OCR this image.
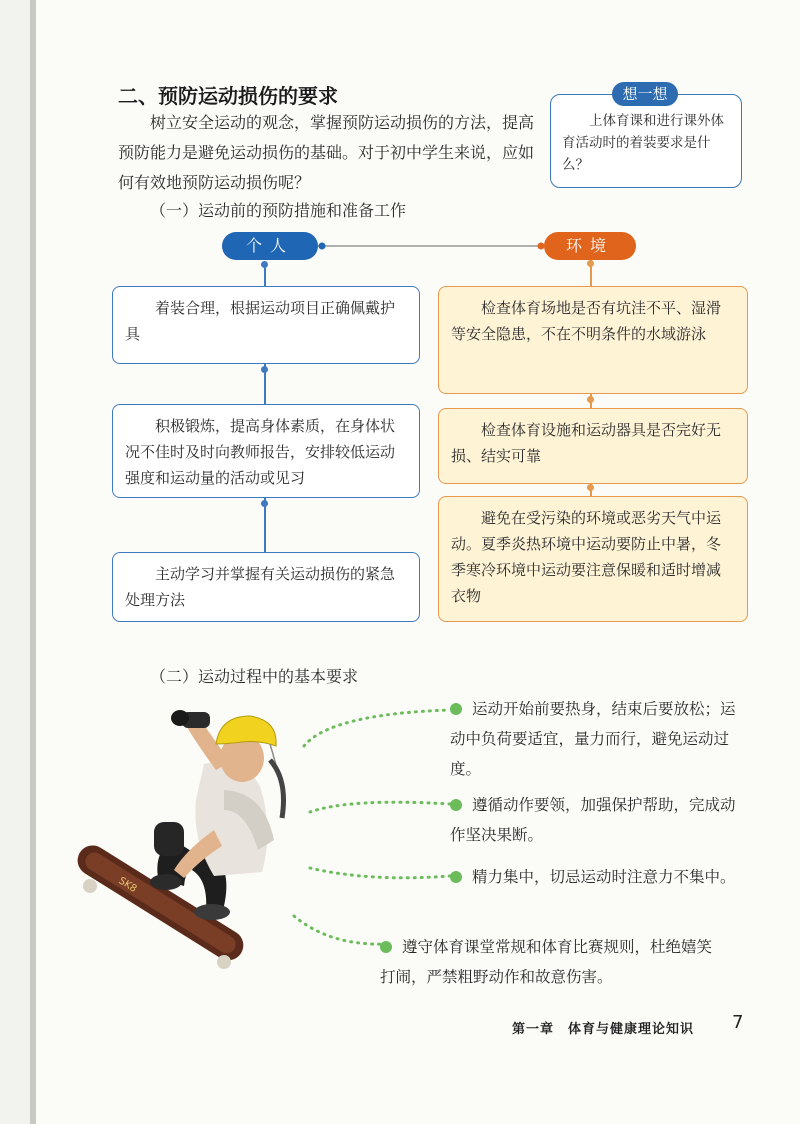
二、预防运动损伤的要求
树立安全运动的观念，掌握预防运动损伤的方法，提高预防能力是避免运动损伤的基础。对于初中学生来说，应如何有效地预防运动损伤呢？
想一想
上体育课和进行课外体育活动时的着装要求是什么？
（一）运动前的预防措施和准备工作
个人	环境
着装合理，根据运动项目正确佩戴护具
积极锻炼，提高身体素质，在身体状况不佳时及时向教师报告，安排较低运动强度和运动量的活动或见习
主动学习并掌握有关运动损伤的紧急处理方法
检查体育场地是否有坑洼不平、湿滑等安全隐患，不在不明条件的水域游泳
检查体育设施和运动器具是否完好无损、结实可靠
避免在受污染的环境或恶劣天气中运动。夏季炎热环境中运动要防止中暑，冬季寒冷环境中运动要注意保暖和适时增减衣物
（二）运动过程中的基本要求
SK8
运动开始前要热身，结束后要放松；运动中负荷要适宜，量力而行，避免运动过度。
遵循动作要领，加强保护帮助，完成动作坚决果断。
精力集中，切忌运动时注意力不集中。
遵守体育课堂常规和体育比赛规则，杜绝嬉笑打闹，严禁粗野动作和故意伤害。
第一章　体育与健康理论知识 7
